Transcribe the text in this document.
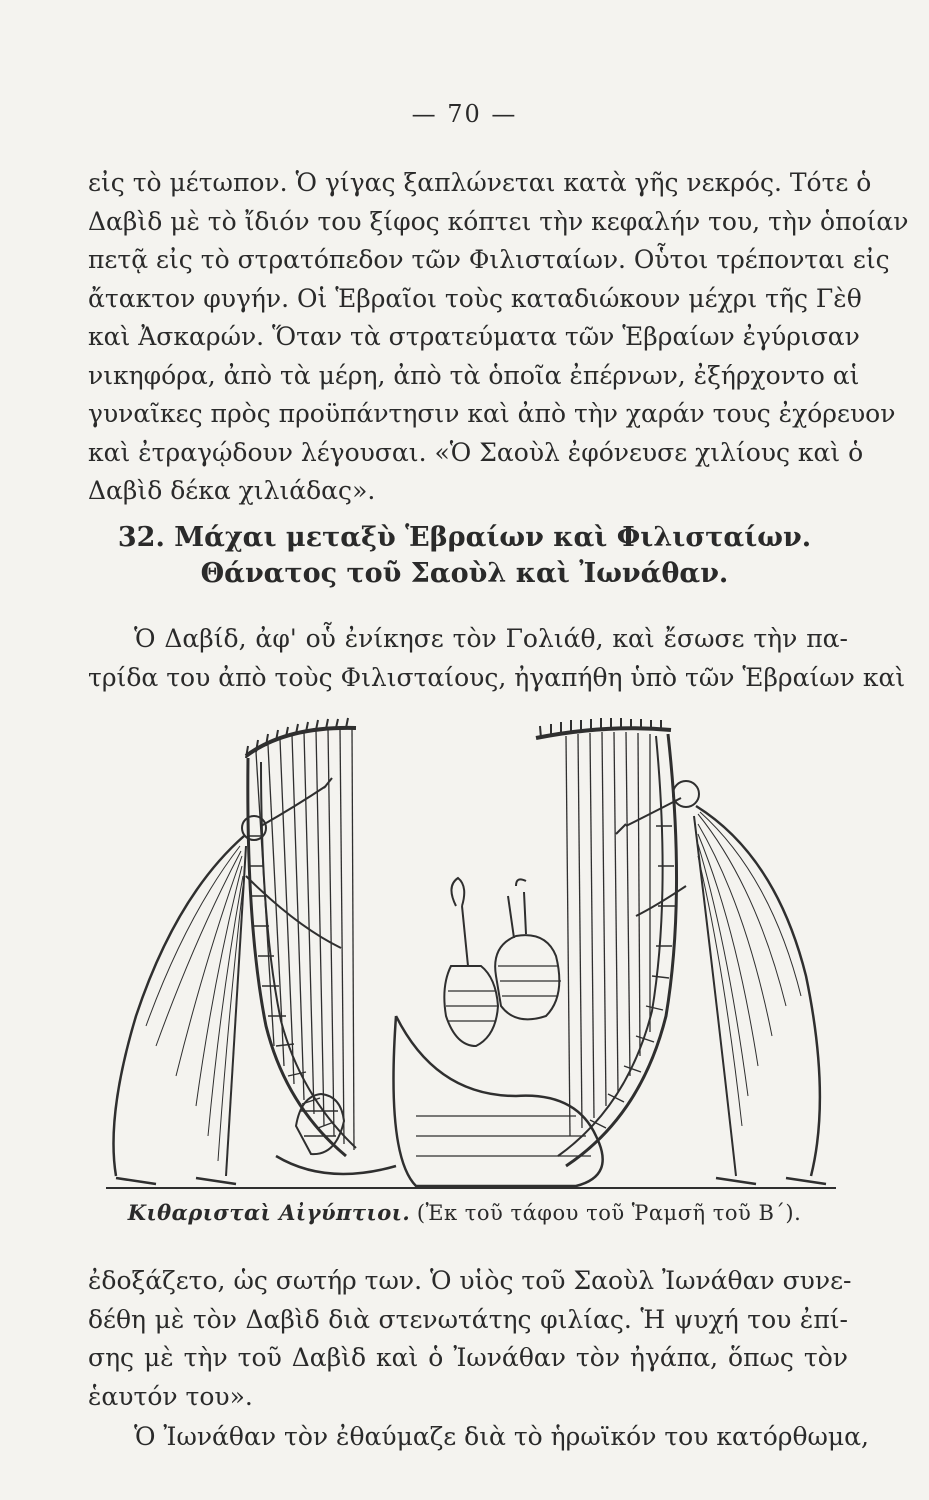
— 70 —

εἰς τὸ μέτωπον. Ὁ γίγας ξαπλώνεται κατὰ γῆς νεκρός. Τότε ὁ
Δαβὶδ μὲ τὸ ἴδιόν του ξίφος κόπτει τὴν κεφαλήν του, τὴν ὁποίαν
πετᾷ εἰς τὸ στρατόπεδον τῶν Φιλισταίων. Οὗτοι τρέπονται εἰς
ἄτακτον φυγήν. Οἱ Ἑβραῖοι τοὺς καταδιώκουν μέχρι τῆς Γὲθ
καὶ Ἀσκαρών. Ὅταν τὰ στρατεύματα τῶν Ἑβραίων ἐγύρισαν
νικηφόρα, ἀπὸ τὰ μέρη, ἀπὸ τὰ ὁποῖα ἐπέρνων, ἐξήρχοντο αἱ
γυναῖκες πρὸς προϋπάντησιν καὶ ἀπὸ τὴν χαράν τους ἐχόρευον
καὶ ἐτραγῴδουν λέγουσαι. «Ὁ Σαοὺλ ἐφόνευσε χιλίους καὶ ὁ
Δαβὶδ δέκα χιλιάδας».

32. Μάχαι μεταξὺ Ἑβραίων καὶ Φιλισταίων.
Θάνατος τοῦ Σαοὺλ καὶ Ἰωνάθαν.

Ὁ Δαβίδ, ἀφ' οὗ ἐνίκησε τὸν Γολιάθ, καὶ ἔσωσε τὴν πα-
τρίδα του ἀπὸ τοὺς Φιλισταίους, ἠγαπήθη ὑπὸ τῶν Ἑβραίων καὶ

Κιθαρισταὶ Αἰγύπτιοι. (Ἐκ τοῦ τάφου τοῦ Ῥαμσῆ τοῦ Β΄).

ἐδοξάζετο, ὡς σωτήρ των. Ὁ υἱὸς τοῦ Σαοὺλ Ἰωνάθαν συνε-
δέθη μὲ τὸν Δαβὶδ διὰ στενωτάτης φιλίας. Ἡ ψυχή του ἐπί-
σης μὲ τὴν τοῦ Δαβὶδ καὶ ὁ Ἰωνάθαν τὸν ἠγάπα, ὅπως τὸν
ἑαυτόν του».

Ὁ Ἰωνάθαν τὸν ἐθαύμαζε διὰ τὸ ἡρωϊκόν του κατόρθωμα,
